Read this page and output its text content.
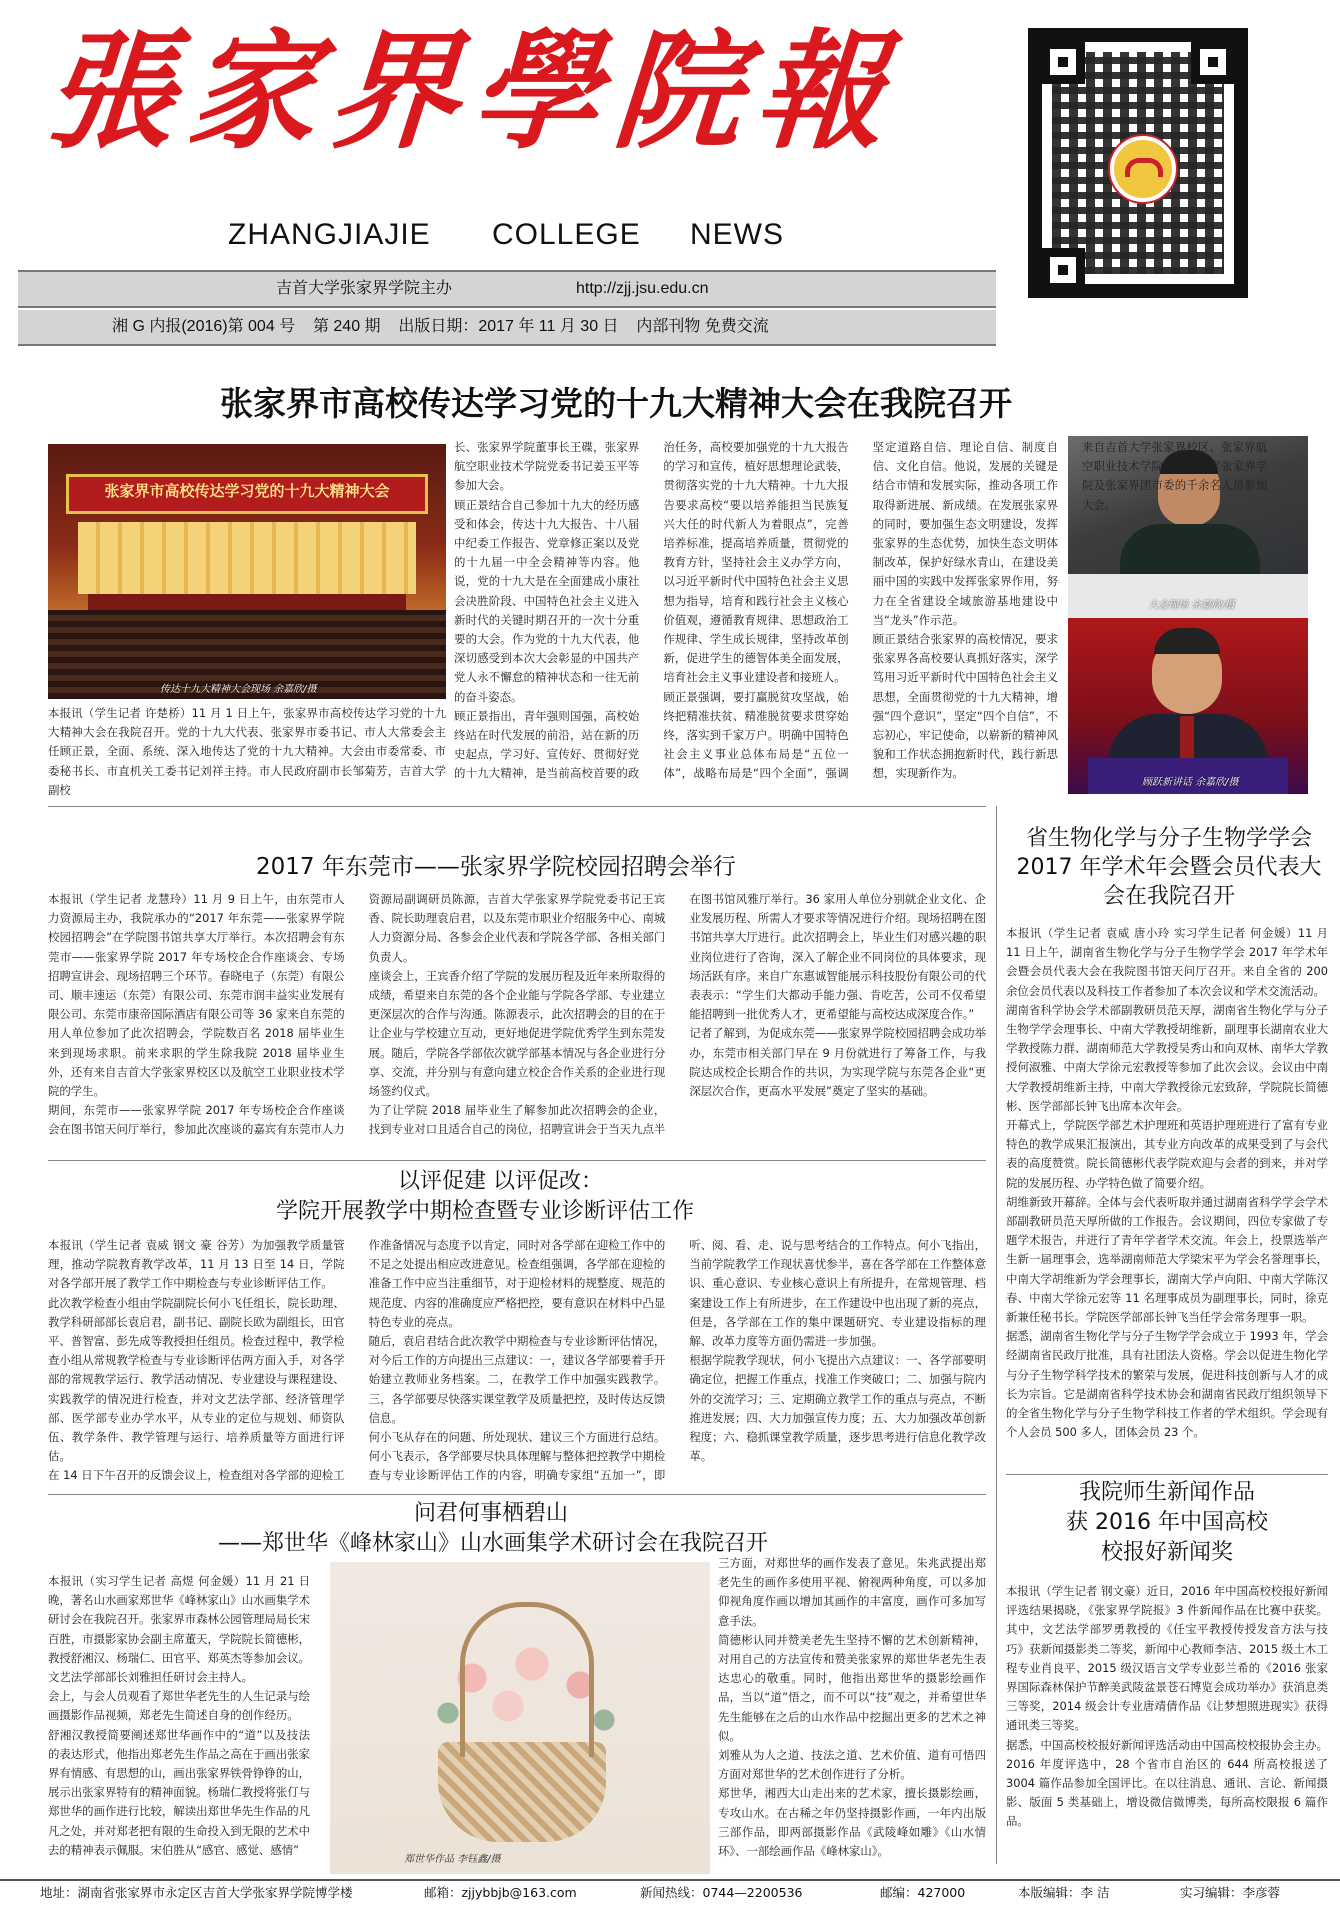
張家界學院報
ZHANGJIAJIE COLLEGE NEWS
吉首大学张家界学院主办	http://zjj.jsu.edu.cn

湘 G 内报(2016)第 004 号    第 240 期    出版日期：2017 年 11 月 30 日    内部刊物 免费交流

张家界市高校传达学习党的十九大精神大会在我院召开
张家界市高校传达学习党的十九大精神大会
传达十九大精神大会现场 余嘉欣/摄
大会现场 余嘉欣/摄
顾跃新讲话 余嘉欣/摄
本报讯（学生记者 许楚桥）11 月 1 日上午，张家界市高校传达学习党的十九大精神大会在我院召开。党的十九大代表、张家界市委书记、市人大常委会主任顾正景，全面、系统、深入地传达了党的十九大精神。大会由市委常委、市委秘书长、市直机关工委书记刘祥主持。市人民政府副市长邹菊芳，吉首大学副校
长、张家界学院董事长王碟，张家界航空职业技术学院党委书记姜玉平等参加大会。
顾正景结合自己参加十九大的经历感受和体会，传达十九大报告、十八届中纪委工作报告、党章修正案以及党的十九届一中全会精神等内容。他说，党的十九大是在全面建成小康社会决胜阶段、中国特色社会主义进入新时代的关键时期召开的一次十分重要的大会。作为党的十九大代表，他深切感受到本次大会彰显的中国共产党人永不懈怠的精神状态和一往无前的奋斗姿态。
顾正景指出，青年强则国强，高校始终站在时代发展的前沿，站在新的历史起点，学习好、宣传好、贯彻好党的十九大精神，是当前高校首要的政治任务，高校要加强党的十九大报告的学习和宣传，植好思想理论武装，贯彻落实党的十九大精神。十九大报告要求高校“要以培养能担当民族复兴大任的时代新人为着眼点”，完善培养标准，提高培养质量，贯彻党的教育方针，坚持社会主义办学方向，以习近平新时代中国特色社会主义思想为指导，培育和践行社会主义核心价值观，遵循教育规律、思想政治工作规律、学生成长规律，坚持改革创新，促进学生的德智体美全面发展，培育社会主义事业建设者和接班人。
顾正景强调，要打赢脱贫攻坚战，始终把精准扶贫、精准脱贫要求贯穿始终，落实到千家万户。明确中国特色社会主义事业总体布局是“五位一体”，战略布局是“四个全面”，强调坚定道路自信、理论自信、制度自信、文化自信。他说，发展的关键是结合市情和发展实际，推动各项工作取得新进展、新成绩。在发展张家界的同时，要加强生态文明建设，发挥张家界的生态优势，加快生态文明体制改革，保护好绿水青山，在建设美丽中国的实践中发挥张家界作用，努力在全省建设全域旅游基地建设中当“龙头”作示范。
顾正景结合张家界的高校情况，要求张家界各高校要认真抓好落实，深学笃用习近平新时代中国特色社会主义思想，全面贯彻党的十九大精神，增强“四个意识”，坚定“四个自信”，不忘初心，牢记使命，以崭新的精神风貌和工作状态拥抱新时代，践行新思想，实现新作为。

2017 年东莞市——张家界学院校园招聘会举行
本报讯（学生记者 龙慧玲）11 月 9 日上午，由东莞市人力资源局主办，我院承办的“2017 年东莞——张家界学院校园招聘会”在学院图书馆共享大厅举行。本次招聘会有东莞市——张家界学院 2017 年专场校企合作座谈会、专场招聘宣讲会、现场招聘三个环节。春晓电子（东莞）有限公司、顺丰速运（东莞）有限公司、东莞市润丰益实业发展有限公司、东莞市康帝国际酒店有限公司等 36 家来自东莞的用人单位参加了此次招聘会，学院数百名 2018 届毕业生来到现场求职。前来求职的学生除我院 2018 届毕业生外，还有来自吉首大学张家界校区以及航空工业职业技术学院的学生。
期间，东莞市——张家界学院 2017 年专场校企合作座谈会在图书馆天问厅举行，参加此次座谈的嘉宾有东莞市人力资源局副调研员陈源，吉首大学张家界学院党委书记王宾香、院长助理袁启君，以及东莞市职业介绍服务中心、南城人力资源分局、各参会企业代表和学院各学部、各相关部门负责人。
座谈会上，王宾香介绍了学院的发展历程及近年来所取得的成绩，希望来自东莞的各个企业能与学院各学部、专业建立更深层次的合作与沟通。陈源表示，此次招聘会的目的在于让企业与学校建立互动，更好地促进学院优秀学生到东莞发展。随后，学院各学部依次就学部基本情况与各企业进行分享、交流，并分别与有意向建立校企合作关系的企业进行现场签约仪式。
为了让学院 2018 届毕业生了解参加此次招聘会的企业，找到专业对口且适合自己的岗位，招聘宣讲会于当天九点半在图书馆风雅厅举行。36 家用人单位分别就企业文化、企业发展历程、所需人才要求等情况进行介绍。现场招聘在图书馆共享大厅进行。此次招聘会上，毕业生们对感兴趣的职业岗位进行了咨询，深入了解企业不同岗位的具体要求，现场活跃有序。来自广东惠诚智能展示科技股份有限公司的代表表示：“学生们大都动手能力强、肯吃苦，公司不仅希望能招聘到一批优秀人才，更希望能与高校达成深度合作。”
记者了解到，为促成东莞——张家界学院校园招聘会成功举办，东莞市相关部门早在 9 月份就进行了筹备工作，与我院达成校企长期合作的共识，为实现学院与东莞各企业“更深层次合作，更高水平发展”奠定了坚实的基础。
以评促建 以评促改：
学院开展教学中期检查暨专业诊断评估工作
本报讯（学生记者 袁威 钢文 豪 谷芳）为加强教学质量管理，推动学院教育教学改革，11 月 13 日至 14 日，学院对各学部开展了教学工作中期检查与专业诊断评估工作。
此次教学检查小组由学院副院长何小飞任组长，院长助理、教学科研部部长袁启君，副书记、副院长欧为副组长，田官平、普智富、彭先成等教授担任组员。检查过程中，教学检查小组从常规教学检查与专业诊断评估两方面入手，对各学部的常规教学运行、教学活动情况、专业建设与课程建设、实践教学的情况进行检查，并对文艺法学部、经济管理学部、医学部专业办学水平，从专业的定位与规划、师资队伍、教学条件、教学管理与运行、培养质量等方面进行评估。
在 14 日下午召开的反馈会议上，检查组对各学部的迎检工作准备情况与态度予以肯定，同时对各学部在迎检工作中的不足之处提出相应改进意见。检查组强调，各学部在迎检的准备工作中应当注重细节，对于迎检材料的规整度、规范的规范度、内容的准确度应严格把控，要有意识在材料中凸显特色专业的亮点。
随后，袁启君结合此次教学中期检查与专业诊断评估情况，对今后工作的方向提出三点建议：一，建议各学部要着手开始建立教师业务档案。二，在教学工作中加强实践教学。三，各学部要尽快落实课堂教学及质量把控，及时传达反馈信息。
何小飞从存在的问题、所处现状、建议三个方面进行总结。何小飞表示，各学部要尽快具体理解与整体把控教学中期检查与专业诊断评估工作的内容，明确专家组“五加一”，即听、阅、看、走、说与思考结合的工作特点。何小飞指出，当前学院教学工作现状喜忧参半，喜在各学部在工作整体意识、重心意识、专业核心意识上有所提升，在常规管理、档案建设工作上有所进步，在工作建设中也出现了新的亮点，但是，各学部在工作的集中课题研究、专业建设指标的理解、改革力度等方面仍需进一步加强。
根据学院教学现状，何小飞提出六点建议：一、各学部要明确定位，把握工作重点，找准工作突破口；二、加强与院内外的交流学习；三、定期确立教学工作的重点与亮点，不断推进发展；四、大力加强宣传力度；五、大力加强改革创新程度；六、稳抓课堂教学质量，逐步思考进行信息化教学改革。
问君何事栖碧山
——郑世华《峰林家山》山水画集学术研讨会在我院召开
本报讯（实习学生记者 高煜 何金媛）11 月 21 日晚，著名山水画家郑世华《峰林家山》山水画集学术研讨会在我院召开。张家界市森林公园管理局局长宋百胜，市摄影家协会副主席董天，学院院长简德彬，教授舒湘汉、杨瑞仁、田官平、郑英杰等参加会议。文艺法学部部长刘雅担任研讨会主持人。
会上，与会人员观看了郑世华老先生的人生记录与绘画摄影作品视频，郑老先生简述自身的创作经历。
舒湘汉教授简要阐述郑世华画作中的“道”以及技法的表达形式，他指出郑老先生作品之高在于画出张家界有情感、有思想的山，画出张家界铁骨铮铮的山，展示出张家界特有的精神面貌。杨瑞仁教授将张仃与郑世华的画作进行比较，解读出郑世华先生作品的凡凡之处，并对郑老把有限的生命投入到无限的艺术中去的精神表示佩服。宋伯胜从“感官、感觉、感情”
郑世华作品 李钰鑫/摄
三方面，对郑世华的画作发表了意见。朱兆武提出郑老先生的画作多使用平视、俯视两种角度，可以多加仰视角度作画以增加其画作的丰富度，画作可多加写意手法。
简德彬认同并赞美老先生坚持不懈的艺术创新精神，对用自己的方法宣传和赞美张家界的郑世华老先生表达忠心的敬重。同时，他指出郑世华的摄影绘画作品，当以“道”悟之，而不可以“技”观之，并希望世华先生能够在之后的山水作品中挖掘出更多的艺术之神似。
刘雅从为人之道、技法之道、艺术价值、道有可悟四方面对郑世华的艺术创作进行了分析。
郑世华，湘西大山走出来的艺术家，擅长摄影绘画，专攻山水。在古稀之年仍坚持摄影作画，一年内出版三部作品，即两部摄影作品《武陵峰如雕》《山水情环》、一部绘画作品《峰林家山》。
省生物化学与分子生物学学会
2017 年学术年会暨会员代表大
会在我院召开
本报讯（学生记者 袁威 唐小玲 实习学生记者 何金媛）11 月 11 日上午，湖南省生物化学与分子生物学学会 2017 年学术年会暨会员代表大会在我院图书馆天问厅召开。来自全省的 200 余位会员代表以及科技工作者参加了本次会议和学术交流活动。
湖南省科学协会学术部副教研员范天厚，湖南省生物化学与分子生物学学会理事长、中南大学教授胡维新，副理事长湖南农业大学教授陈力群、湖南师范大学教授吴秀山和向双林、南华大学教授何淑雅、中南大学徐元宏教授等参加了此次会议。会议由中南大学教授胡维新主持，中南大学教授徐元宏致辞，学院院长简德彬、医学部部长钟飞出席本次年会。
开幕式上，学院医学部艺术护理班和英语护理班进行了富有专业特色的教学成果汇报演出，其专业方向改革的成果受到了与会代表的高度赞赏。院长简德彬代表学院欢迎与会者的到来，并对学院的发展历程、办学特色做了简要介绍。
胡维新致开幕辞。全体与会代表听取并通过湖南省科学学会学术部副教研员范天厚所做的工作报告。会议期间，四位专家做了专题学术报告，并进行了青年学者学术交流。年会上，投票选举产生新一届理事会，选举湖南师范大学梁宋平为学会名誉理事长，中南大学胡维新为学会理事长，湖南大学卢向阳、中南大学陈汉春、中南大学徐元宏等 11 名理事成员为副理事长，同时，徐克新兼任秘书长。学院医学部部长钟飞当任学会常务理事一职。
据悉，湖南省生物化学与分子生物学学会成立于 1993 年，学会经湖南省民政厅批准，具有社团法人资格。学会以促进生物化学与分子生物学科学技术的繁荣与发展，促进科技创新与人才的成长为宗旨。它是湖南省科学技术协会和湖南省民政厅组织领导下的全省生物化学与分子生物学科技工作者的学术组织。学会现有个人会员 500 多人，团体会员 23 个。
我院师生新闻作品
获 2016 年中国高校
校报好新闻奖
本报讯（学生记者 钢文豪）近日，2016 年中国高校校报好新闻评选结果揭晓，《张家界学院报》3 件新闻作品在比赛中获奖。其中，文艺法学部罗勇教授的《任宝平教授传授发音方法与技巧》获新闻摄影类二等奖，新闻中心教师李洁、2015 级土木工程专业肖良平、2015 级汉语言文学专业彭兰希的《2016 张家界国际森林保护节醉美武陵盆景苍石博览会成功举办》获消息类三等奖，2014 级会计专业唐靖倩作品《让梦想照进现实》获得通讯类三等奖。
据悉，中国高校校报好新闻评选活动由中国高校校报协会主办。2016 年度评选中，28 个省市自治区的 644 所高校报送了 3004 篇作品参加全国评比。在以往消息、通讯、言论、新闻摄影、版面 5 类基础上，增设微信微博类，每所高校限报 6 篇作品。
地址：湖南省张家界市永定区吉首大学张家界学院博学楼	邮箱：zjjybbjb@163.com	新闻热线：0744—2200536	邮编：427000	本版编辑：李 洁	实习编辑：李彦蓉
